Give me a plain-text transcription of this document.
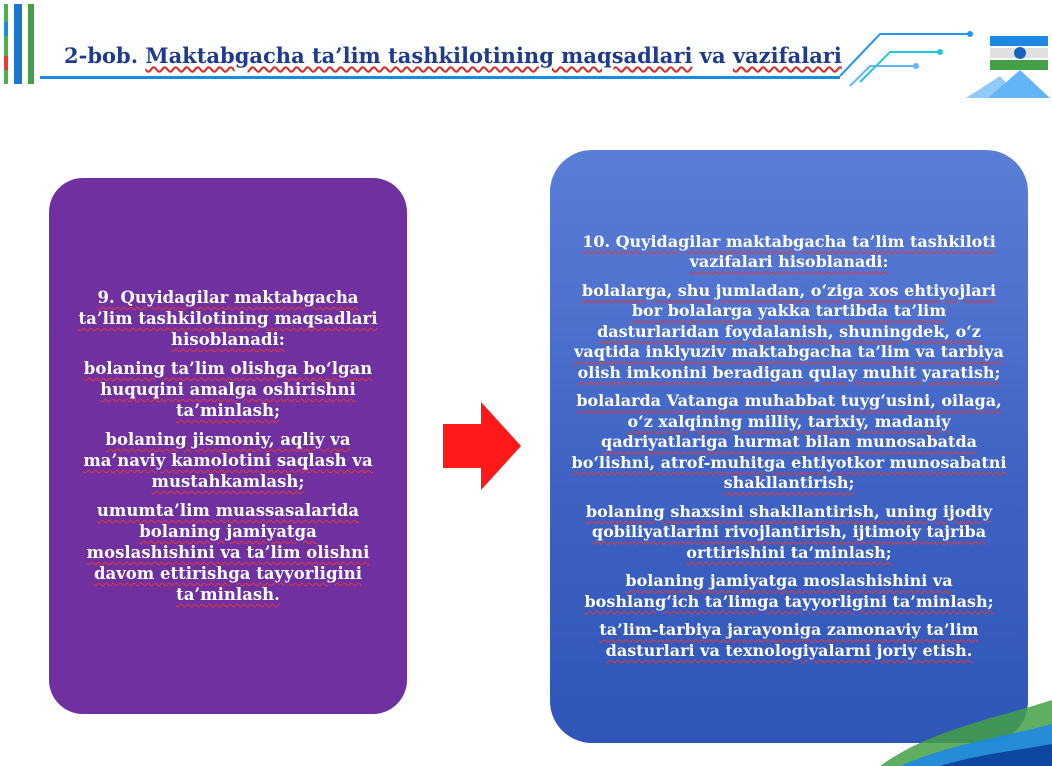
2-bob. Maktabgacha ta’lim tashkilotining maqsadlari va vazifalari

9. Quyidagilar maktabgacha ta’lim tashkilotining maqsadlari hisoblanadi:

bolaning ta’lim olishga bo‘lgan huquqini amalga oshirishni ta’minlash;

bolaning jismoniy, aqliy va ma’naviy kamolotini saqlash va mustahkamlash;

umumta’lim muassasalarida bolaning jamiyatga moslashishini va ta’lim olishni davom ettirishga tayyorligini ta’minlash.

10. Quyidagilar maktabgacha ta’lim tashkiloti vazifalari hisoblanadi:

bolalarga, shu jumladan, o‘ziga xos ehtiyojlari bor bolalarga yakka tartibda ta’lim dasturlaridan foydalanish, shuningdek, o‘z vaqtida inklyuziv maktabgacha ta’lim va tarbiya olish imkonini beradigan qulay muhit yaratish;

bolalarda Vatanga muhabbat tuyg‘usini, oilaga, o‘z xalqining milliy, tarixiy, madaniy qadriyatlariga hurmat bilan munosabatda bo‘lishni, atrof-muhitga ehtiyotkor munosabatni shakllantirish;

bolaning shaxsini shakllantirish, uning ijodiy qobiliyatlarini rivojlantirish, ijtimoiy tajriba orttirishini ta’minlash;

bolaning jamiyatga moslashishini va boshlang‘ich ta’limga tayyorligini ta’minlash;

ta’lim-tarbiya jarayoniga zamonaviy ta’lim dasturlari va texnologiyalarni joriy etish.
